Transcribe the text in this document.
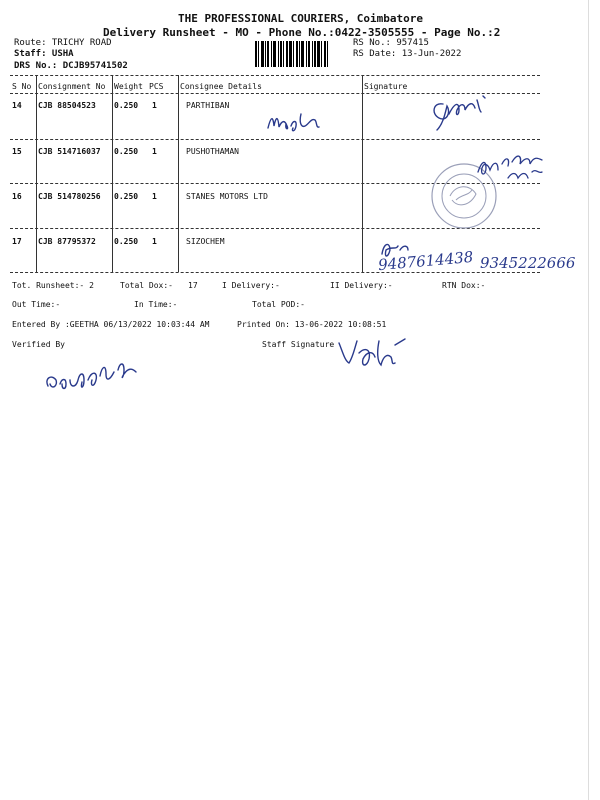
THE PROFESSIONAL COURIERS, Coimbatore
Delivery Runsheet - MO - Phone No.:0422-3505555 - Page No.:2
Route: TRICHY ROAD
Staff: USHA
DRS No.: DCJB95741502
RS No.: 957415
RS Date: 13-Jun-2022
S No Consignment No Weight PCS Consignee Details	Signature
14 CJB 88504523 0.250 1	PARTHIBAN
15 CJB 514716037 0.250 1	PUSHOTHAMAN
16 CJB 514780256 0.250 1	STANES MOTORS LTD
17 CJB 87795372 0.250 1	SIZOCHEM
9487614438 9345222666
Tot. Runsheet:- 2	Total Dox:- 17	I Delivery:-	II Delivery:-	RTN Dox:-
Out Time:-	In Time:-	Total POD:-
Entered By :GEETHA 06/13/2022 10:03:44 AM	Printed On: 13-06-2022 10:08:51
Verified By	Staff Signature
